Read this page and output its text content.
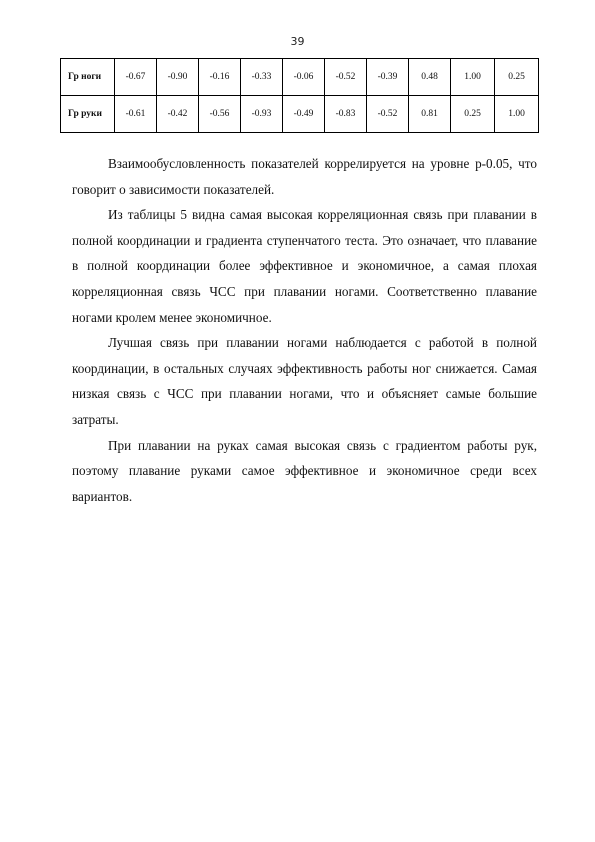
39
Гр ноги	-0.67	-0.90	-0.16	-0.33	-0.06	-0.52	-0.39	0.48	1.00	0.25
Гр руки	-0.61	-0.42	-0.56	-0.93	-0.49	-0.83	-0.52	0.81	0.25	1.00

Взаимообусловленность показателей коррелируется на уровне р-0.05, что говорит о зависимости показателей.

Из таблицы 5 видна самая высокая корреляционная связь при плавании в полной координации и градиента ступенчатого теста. Это означает, что плавание в полной координации более эффективное и экономичное, а самая плохая корреляционная связь ЧСС при плавании ногами. Соответственно плавание ногами кролем менее экономичное.

Лучшая связь при плавании ногами наблюдается с работой в полной координации, в остальных случаях эффективность работы ног снижается. Самая низкая связь с ЧСС при плавании ногами, что и объясняет самые большие затраты.

При плавании на руках самая высокая связь с градиентом работы рук, поэтому плавание руками самое эффективное и экономичное среди всех вариантов.
